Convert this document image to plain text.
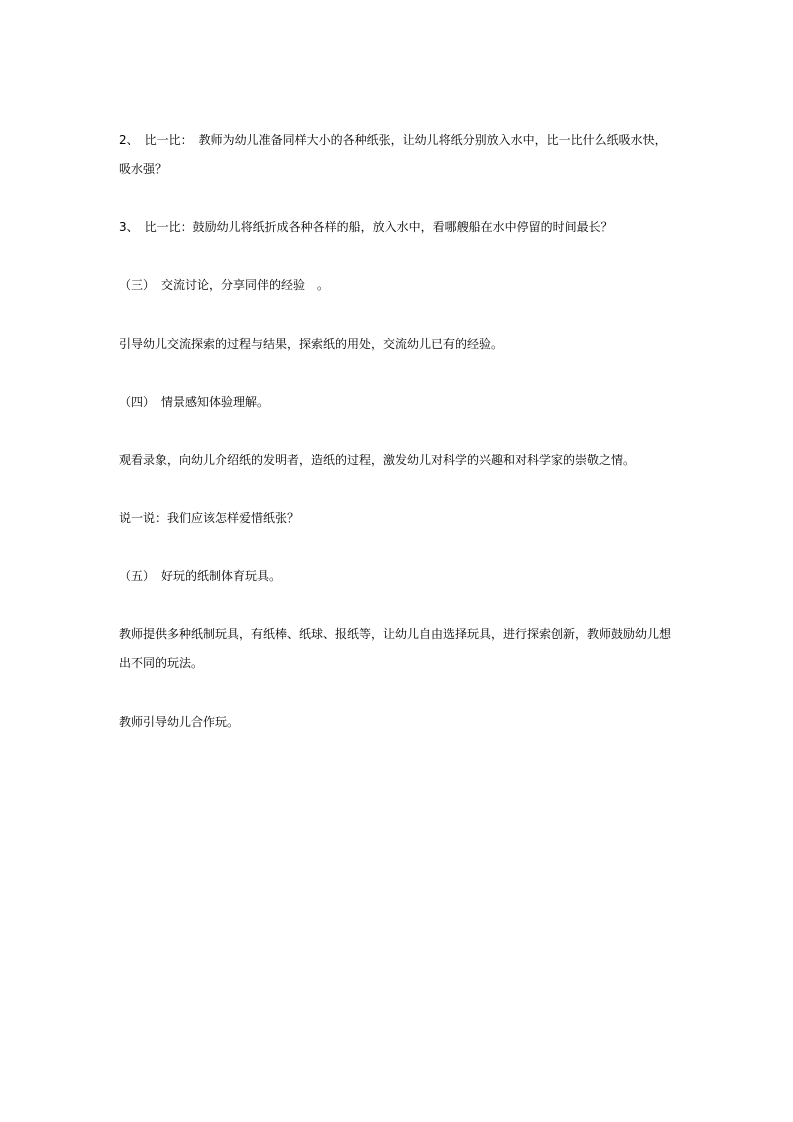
2、　比一比：　教师为幼儿准备同样大小的各种纸张，让幼儿将纸分别放入水中，比一比什么纸吸水快，
吸水强？
3、　比一比：鼓励幼儿将纸折成各种各样的船，放入水中，看哪艘船在水中停留的时间最长？
（三）　交流讨论，分享同伴的经验　。
引导幼儿交流探索的过程与结果，探索纸的用处，交流幼儿已有的经验。
（四）　情景感知体验理解。
观看录象，向幼儿介绍纸的发明者，造纸的过程，激发幼儿对科学的兴趣和对科学家的崇敬之情。
说一说：我们应该怎样爱惜纸张？
（五）　好玩的纸制体育玩具。
教师提供多种纸制玩具，有纸棒、纸球、报纸等，让幼儿自由选择玩具，进行探索创新，教师鼓励幼儿想
出不同的玩法。
教师引导幼儿合作玩。
